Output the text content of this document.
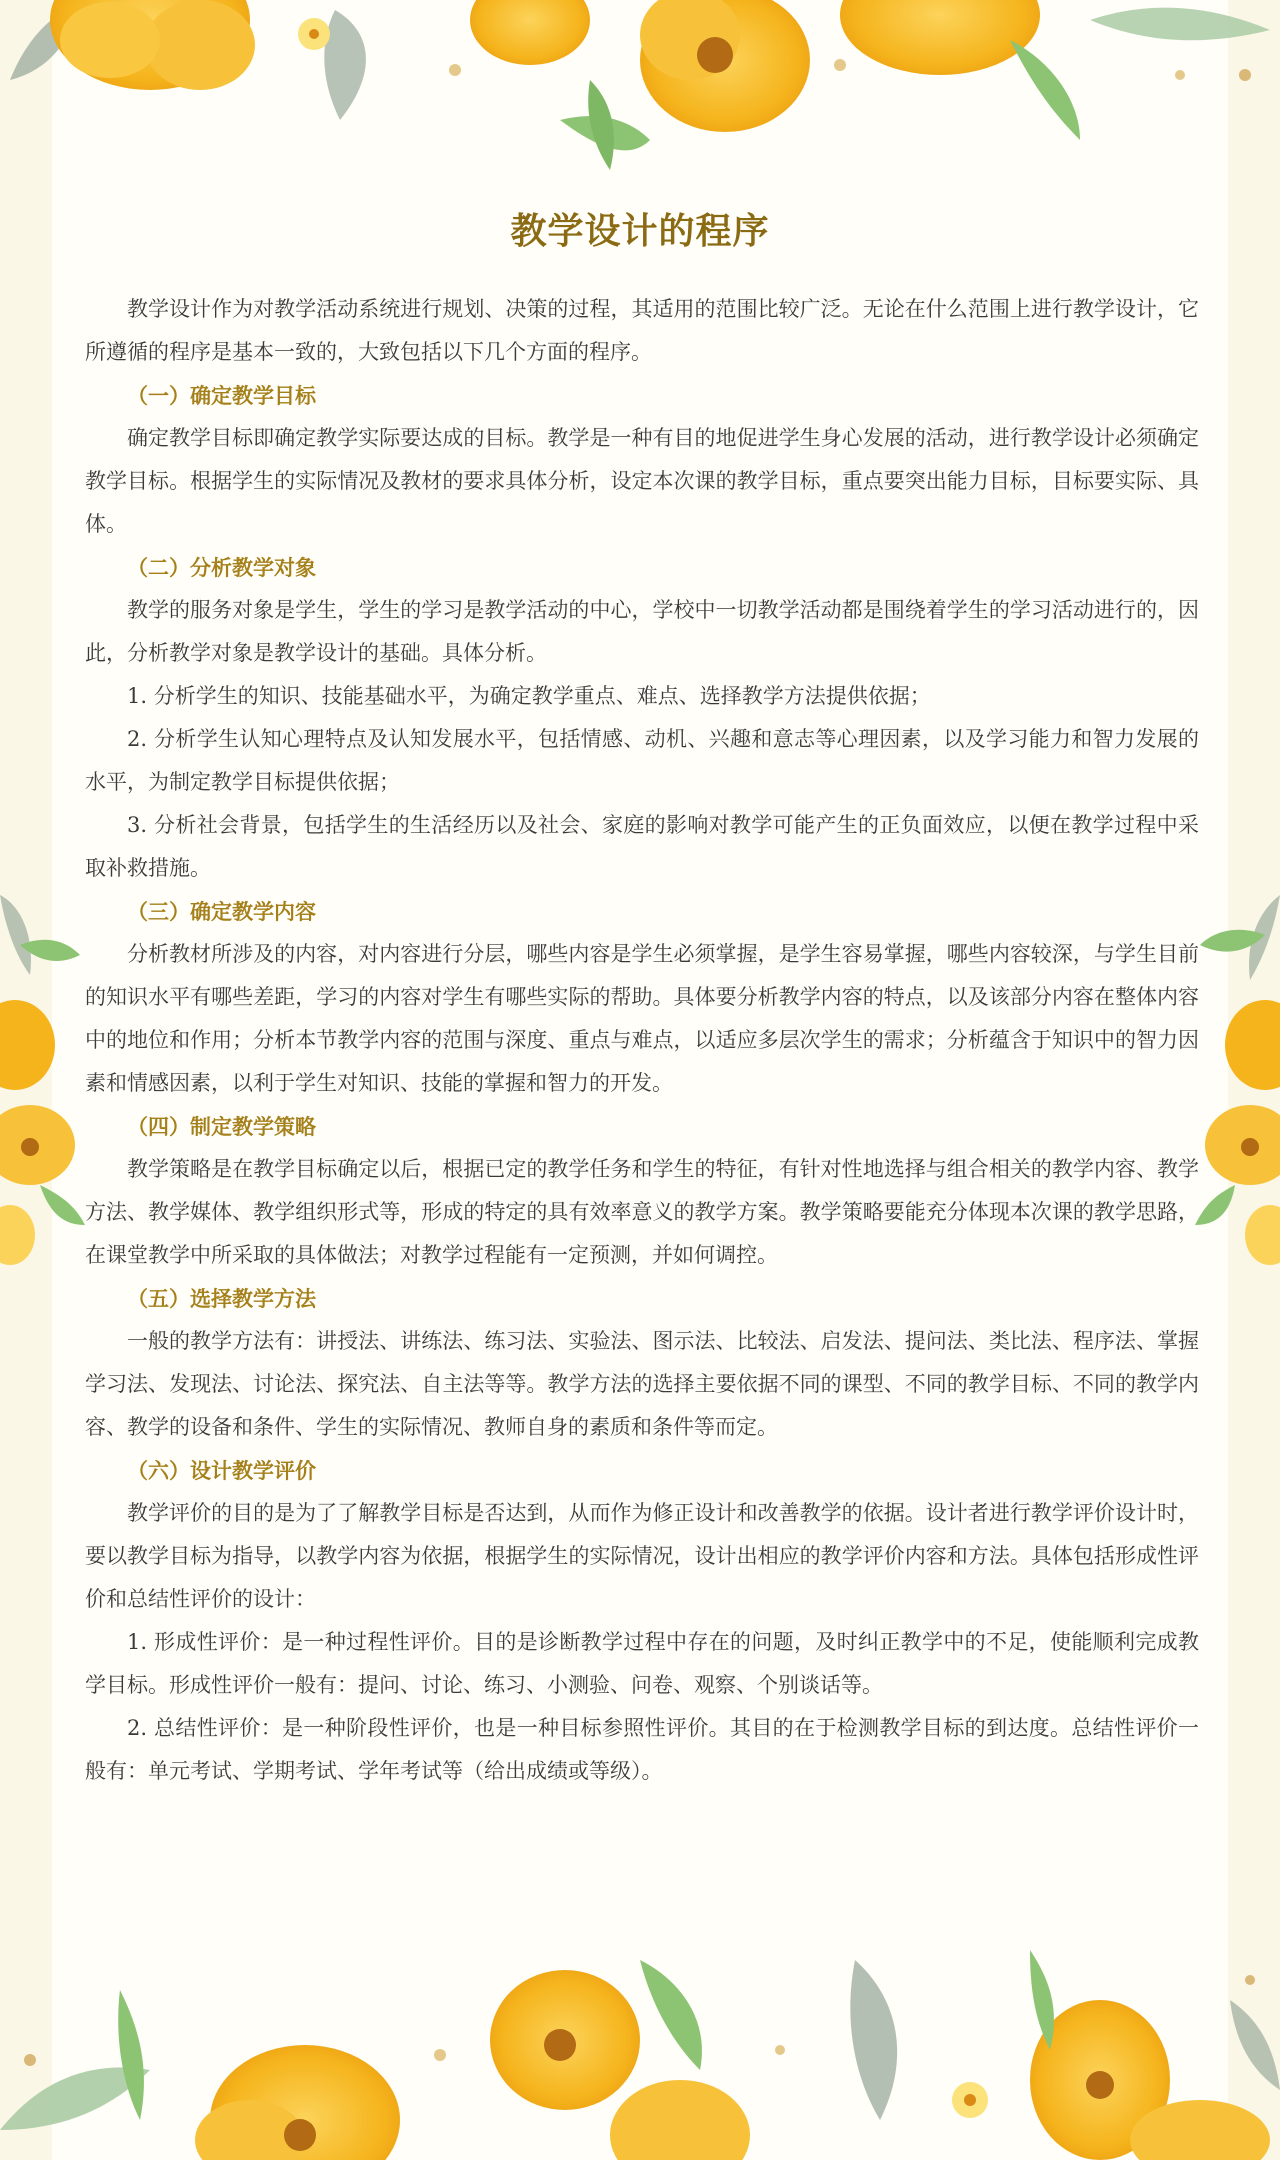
教学设计的程序

教学设计作为对教学活动系统进行规划、决策的过程，其适用的范围比较广泛。无论在什么范围上进行教学设计，它所遵循的程序是基本一致的，大致包括以下几个方面的程序。

（一）确定教学目标

确定教学目标即确定教学实际要达成的目标。教学是一种有目的地促进学生身心发展的活动，进行教学设计必须确定教学目标。根据学生的实际情况及教材的要求具体分析，设定本次课的教学目标，重点要突出能力目标，目标要实际、具体。

（二）分析教学对象

教学的服务对象是学生，学生的学习是教学活动的中心，学校中一切教学活动都是围绕着学生的学习活动进行的，因此，分析教学对象是教学设计的基础。具体分析。

1. 分析学生的知识、技能基础水平，为确定教学重点、难点、选择教学方法提供依据；

2. 分析学生认知心理特点及认知发展水平，包括情感、动机、兴趣和意志等心理因素，以及学习能力和智力发展的水平，为制定教学目标提供依据；

3. 分析社会背景，包括学生的生活经历以及社会、家庭的影响对教学可能产生的正负面效应，以便在教学过程中采取补救措施。

（三）确定教学内容

分析教材所涉及的内容，对内容进行分层，哪些内容是学生必须掌握，是学生容易掌握，哪些内容较深，与学生目前的知识水平有哪些差距，学习的内容对学生有哪些实际的帮助。具体要分析教学内容的特点，以及该部分内容在整体内容中的地位和作用；分析本节教学内容的范围与深度、重点与难点，以适应多层次学生的需求；分析蕴含于知识中的智力因素和情感因素，以利于学生对知识、技能的掌握和智力的开发。

（四）制定教学策略

教学策略是在教学目标确定以后，根据已定的教学任务和学生的特征，有针对性地选择与组合相关的教学内容、教学方法、教学媒体、教学组织形式等，形成的特定的具有效率意义的教学方案。教学策略要能充分体现本次课的教学思路，在课堂教学中所采取的具体做法；对教学过程能有一定预测，并如何调控。

（五）选择教学方法

一般的教学方法有：讲授法、讲练法、练习法、实验法、图示法、比较法、启发法、提问法、类比法、程序法、掌握学习法、发现法、讨论法、探究法、自主法等等。教学方法的选择主要依据不同的课型、不同的教学目标、不同的教学内容、教学的设备和条件、学生的实际情况、教师自身的素质和条件等而定。

（六）设计教学评价

教学评价的目的是为了了解教学目标是否达到，从而作为修正设计和改善教学的依据。设计者进行教学评价设计时，要以教学目标为指导，以教学内容为依据，根据学生的实际情况，设计出相应的教学评价内容和方法。具体包括形成性评价和总结性评价的设计：

1. 形成性评价：是一种过程性评价。目的是诊断教学过程中存在的问题，及时纠正教学中的不足，使能顺利完成教学目标。形成性评价一般有：提问、讨论、练习、小测验、问卷、观察、个别谈话等。

2. 总结性评价：是一种阶段性评价，也是一种目标参照性评价。其目的在于检测教学目标的到达度。总结性评价一般有：单元考试、学期考试、学年考试等（给出成绩或等级）。
